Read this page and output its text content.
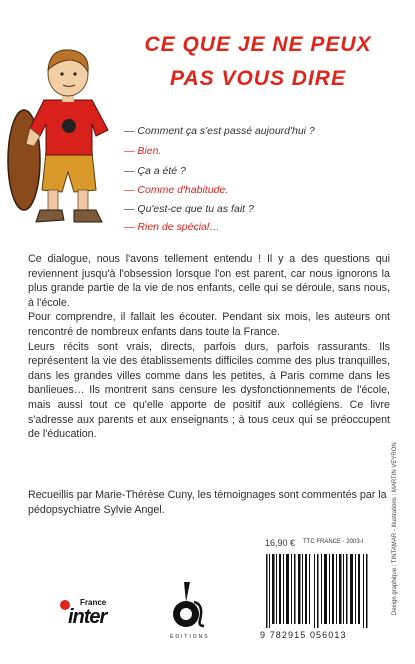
CE QUE JE NE PEUX
PAS VOUS DIRE
— Comment ça s'est passé aujourd'hui ?
— Bien.
— Ça a été ?
— Comme d'habitude.
— Qu'est-ce que tu as fait ?
— Rien de spécial…

Ce dialogue, nous l'avons tellement entendu ! Il y a des questions qui reviennent jusqu'à l'obsession lorsque l'on est parent, car nous ignorons la plus grande partie de la vie de nos enfants, celle qui se déroule, sans nous, à l'école.

Pour comprendre, il fallait les écouter. Pendant six mois, les auteurs ont rencontré de nombreux enfants dans toute la France.

Leurs récits sont vrais, directs, parfois durs, parfois rassurants. Ils représentent la vie des établissements difficiles comme des plus tranquilles, dans les grandes villes comme dans les petites, à Paris comme dans les banlieues… Ils montrent sans censure les dysfonctionnements de l'école, mais aussi tout ce qu'elle apporte de positif aux collégiens. Ce livre s'adresse aux parents et aux enseignants ; à tous ceux qui se préoccupent de l'éducation.

Recueillis par Marie-Thérèse Cuny, les témoignages sont commentés par la pédopsychiatre Sylvie Angel.
16,90 € TTC FRANCE - 2003-I
9 782915 056013
Design graphique : TINTAMAR - Illustrations : MARTIN VEYRON
France
inter
ÉDITIONS
